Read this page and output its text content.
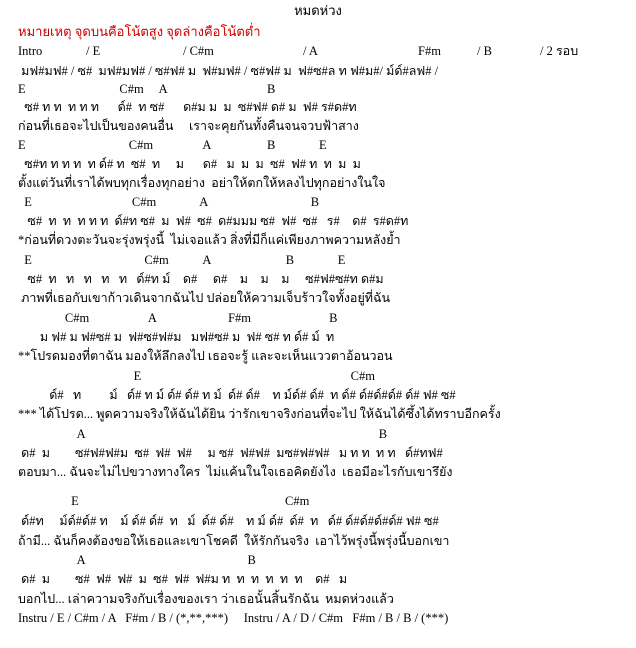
หมดห่วง
หมายเหตุ จุดบนคือโน้ตสูง จุดล่างคือโน้ตต่ำ
Intro	/ E	/ C#m	/ A	F#m	/ B	/ 2 รอบ
มฟ#มฟ# / ซ#  มฟ#มฟ# / ซ#ฟ# ม  ฟ#มฟ# / ซ#ฟ# ม  ฟ#ซ#ล ท ฟ#ม#/ ม์ด์#ลฟ# /
E                              C#m     A                                B
ซ# ท ท  ท ท ท      ด์#  ท ซ#      ด#ม ม  ม  ซ#ฟ# ด# ม  ฟ# ร#ด#ท
ก่อนที่เธอจะไปเป็นของคนอื่น     เราจะคุยกันทั้งคืนจนจวบฟ้าสาง
E                                 C#m                A                  B              E
ซ#ท ท ท ท  ท ด์# ท  ซ#  ท     ม      ด#   ม  ม  ม  ซ#  ฟ# ท  ท  ม  ม
ตั้งแต่วันที่เราได้พบทุกเรื่องทุกอย่าง  อย่าให้ตกให้หลงไปทุกอย่างในใจ
E                                C#m              A                                 B
ซ#  ท  ท  ท ท ท  ด์#ท ซ#  ม  ฟ#  ซ#  ด#มมม ซ#  ฟ#  ซ#   ร#    ด#  ร#ด#ท
*ก่อนที่ดวงตะวันจะรุ่งพรุ่งนี้  ไม่เจอแล้ว สิ่งที่มีก็แค่เพียงภาพความหลังย้ำ
E                                    C#m           A                        B              E
ซ#  ท   ท   ท   ท   ท   ด์#ท ม์    ด#     ด#    ม    ม    ม     ซ#ฟ#ซ#ท ด#ม
ภาพที่เธอกับเขาก้าวเดินจากฉันไป ปล่อยให้ความเจ็บร้าวใจทั้งอยู่ที่ฉัน
C#m                   A                       F#m                         B
ม ฟ# ม ฟ#ซ# ม  ฟ#ซ#ฟ#ม   มฟ#ซ# ม  ฟ# ซ# ท ด์# ม์  ท
**โปรดมองที่ตาฉัน มองให้ลึกลงไป เธอจะรู้ และจะเห็นแววตาอ้อนวอน
E                                                                   C#m
ด์#   ท         ม์   ด์# ท ม์ ด์# ด์# ท ม์  ด์# ด์#    ท ม์ด์# ด์#  ท ด์# ด์#ด์#ด์# ด์# ฟ# ซ#
*** ได้โปรด... พูดความจริงให้ฉันได้ยิน ว่ารักเขาจริงก่อนที่จะไป ให้ฉันได้ซึ้งได้ทราบอีกครั้ง
A                                                                                              B
ด#  ม        ซ#ฟ#ฟ#ม  ซ#  ฟ#  ฟ#     ม ซ#  ฟ#ฟ#  มซ#ฟ#ฟ#   ม ท ท  ท ท   ด์#ทฟ#
ตอบมา... ฉันจะไม่ไปขวางทางใคร  ไม่แค้นในใจเธอคิดยังไง  เธอมีอะไรกับเขารึยัง
E                                                                  C#m
ด์#ท     ม์ด์#ด์# ท    ม์ ด์# ด์#  ท   ม์  ด์# ด์#    ท ม์ ด์#  ด์#  ท   ด์# ด์#ด์#ด์#ด์# ฟ# ซ#
ถ้ามี... ฉันก็คงต้องขอให้เธอและเขาโชคดี  ให้รักกันจริง  เอาไว้พรุ่งนี้พรุ่งนี้บอกเขา
A                                                    B
ด#  ม        ซ#  ฟ#  ฟ#  ม  ซ#  ฟ#  ฟ#ม ท  ท  ท  ท  ท  ท    ด#   ม
บอกไป... เล่าความจริงกับเรื่องของเรา ว่าเธอนั้นสิ้นรักฉัน  หมดห่วงแล้ว
Instru / E / C#m / A   F#m / B / (*,**,***)     Instru / A / D / C#m   F#m / B / B / (***)
